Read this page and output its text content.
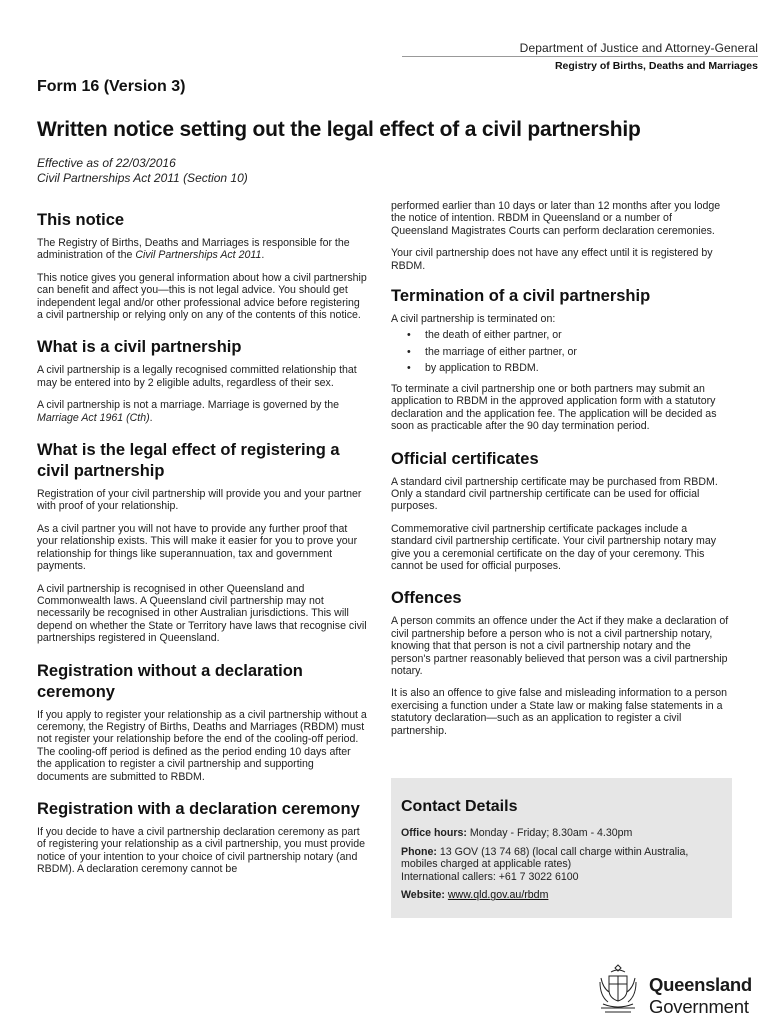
Department of Justice and Attorney-General
Registry of Births, Deaths and Marriages
Form 16 (Version 3)
Written notice setting out the legal effect of a civil partnership
Effective as of 22/03/2016
Civil Partnerships Act 2011 (Section 10)
This notice

The Registry of Births, Deaths and Marriages is responsible for the administration of the Civil Partnerships Act 2011.

This notice gives you general information about how a civil partnership can benefit and affect you—this is not legal advice. You should get independent legal and/or other professional advice before registering a civil partnership or relying only on any of the contents of this notice.

What is a civil partnership

A civil partnership is a legally recognised committed relationship that may be entered into by 2 eligible adults, regardless of their sex.

A civil partnership is not a marriage. Marriage is governed by the Marriage Act 1961 (Cth).

What is the legal effect of registering a civil partnership

Registration of your civil partnership will provide you and your partner with proof of your relationship.

As a civil partner you will not have to provide any further proof that your relationship exists. This will make it easier for you to prove your relationship for things like superannuation, tax and government payments.

A civil partnership is recognised in other Queensland and Commonwealth laws. A Queensland civil partnership may not necessarily be recognised in other Australian jurisdictions. This will depend on whether the State or Territory have laws that recognise civil partnerships registered in Queensland.

Registration without a declaration ceremony

If you apply to register your relationship as a civil partnership without a ceremony, the Registry of Births, Deaths and Marriages (RBDM) must not register your relationship before the end of the cooling-off period. The cooling-off period is defined as the period ending 10 days after the application to register a civil partnership and supporting documents are submitted to RBDM.

Registration with a declaration ceremony

If you decide to have a civil partnership declaration ceremony as part of registering your relationship as a civil partnership, you must provide notice of your intention to your choice of civil partnership notary (and RBDM). A declaration ceremony cannot be

performed earlier than 10 days or later than 12 months after you lodge the notice of intention. RBDM in Queensland or a number of Queensland Magistrates Courts can perform declaration ceremonies.

Your civil partnership does not have any effect until it is registered by RBDM.

Termination of a civil partnership

A civil partnership is terminated on:

• the death of either partner, or
• the marriage of either partner, or
• by application to RBDM.

To terminate a civil partnership one or both partners may submit an application to RBDM in the approved application form with a statutory declaration and the application fee. The application will be decided as soon as practicable after the 90 day termination period.

Official certificates

A standard civil partnership certificate may be purchased from RBDM. Only a standard civil partnership certificate can be used for official purposes.

Commemorative civil partnership certificate packages include a standard civil partnership certificate. Your civil partnership notary may give you a ceremonial certificate on the day of your ceremony. This cannot be used for official purposes.

Offences

A person commits an offence under the Act if they make a declaration of civil partnership before a person who is not a civil partnership notary, knowing that that person is not a civil partnership notary and the person's partner reasonably believed that person was a civil partnership notary.

It is also an offence to give false and misleading information to a person exercising a function under a State law or making false statements in a statutory declaration—such as an application to register a civil partnership.

Contact Details

Office hours: Monday - Friday; 8.30am - 4.30pm

Phone: 13 GOV (13 74 68) (local call charge within Australia, mobiles charged at applicable rates)

International callers: +61 7 3022 6100

Website: www.qld.gov.au/rbdm

Queensland
Government
